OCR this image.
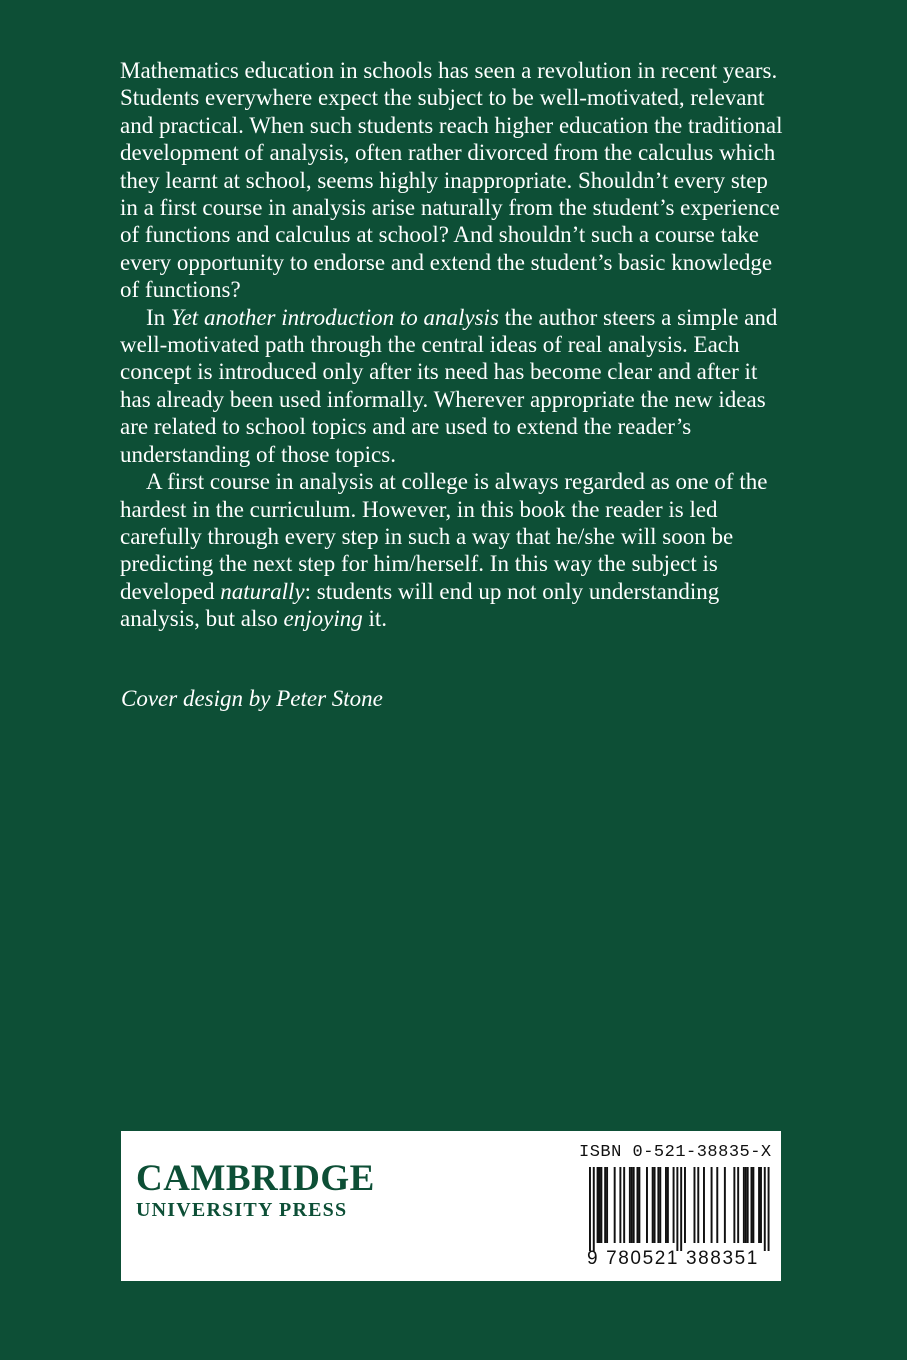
Mathematics education in schools has seen a revolution in recent years. Students everywhere expect the subject to be well-motivated, relevant and practical. When such students reach higher education the traditional development of analysis, often rather divorced from the calculus which they learnt at school, seems highly inappropriate. Shouldn’t every step in a first course in analysis arise naturally from the student’s experience of functions and calculus at school? And shouldn’t such a course take every opportunity to endorse and extend the student’s basic knowledge of functions?

In Yet another introduction to analysis the author steers a simple and well-motivated path through the central ideas of real analysis. Each concept is introduced only after its need has become clear and after it has already been used informally. Wherever appropriate the new ideas are related to school topics and are used to extend the reader’s understanding of those topics.

A first course in analysis at college is always regarded as one of the hardest in the curriculum. However, in this book the reader is led carefully through every step in such a way that he/she will soon be predicting the next step for him/herself. In this way the subject is developed naturally: students will end up not only understanding analysis, but also enjoying it.

Cover design by Peter Stone
CAMBRIDGE
UNIVERSITY PRESS
ISBN 0-521-38835-X
9 780521 388351
